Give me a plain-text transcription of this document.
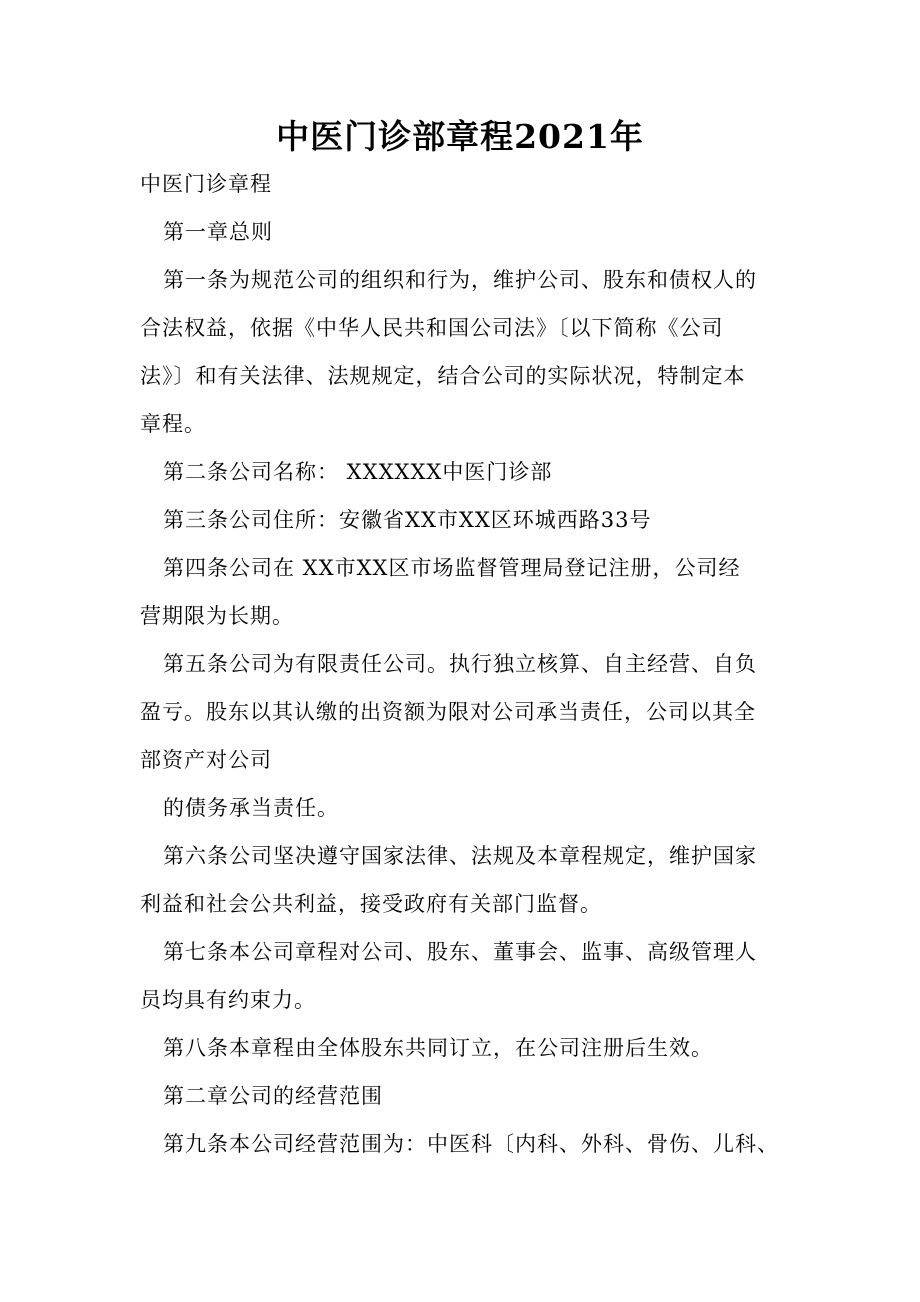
中医门诊部章程2021年
中医门诊章程
第一章总则
第一条为规范公司的组织和行为，维护公司、股东和债权人的
合法权益，依据《中华人民共和国公司法》〔以下简称《公司
法》〕和有关法律、法规规定，结合公司的实际状况，特制定本
章程。
第二条公司名称： XXXXXX中医门诊部
第三条公司住所：安徽省XX市XX区环城西路33号
第四条公司在 XX市XX区市场监督管理局登记注册，公司经
营期限为长期。
第五条公司为有限责任公司。执行独立核算、自主经营、自负
盈亏。股东以其认缴的出资额为限对公司承当责任，公司以其全
部资产对公司
的债务承当责任。
第六条公司坚决遵守国家法律、法规及本章程规定，维护国家
利益和社会公共利益，接受政府有关部门监督。
第七条本公司章程对公司、股东、董事会、监事、高级管理人
员均具有约束力。
第八条本章程由全体股东共同订立，在公司注册后生效。
第二章公司的经营范围
第九条本公司经营范围为：中医科〔内科、外科、骨伤、儿科、
